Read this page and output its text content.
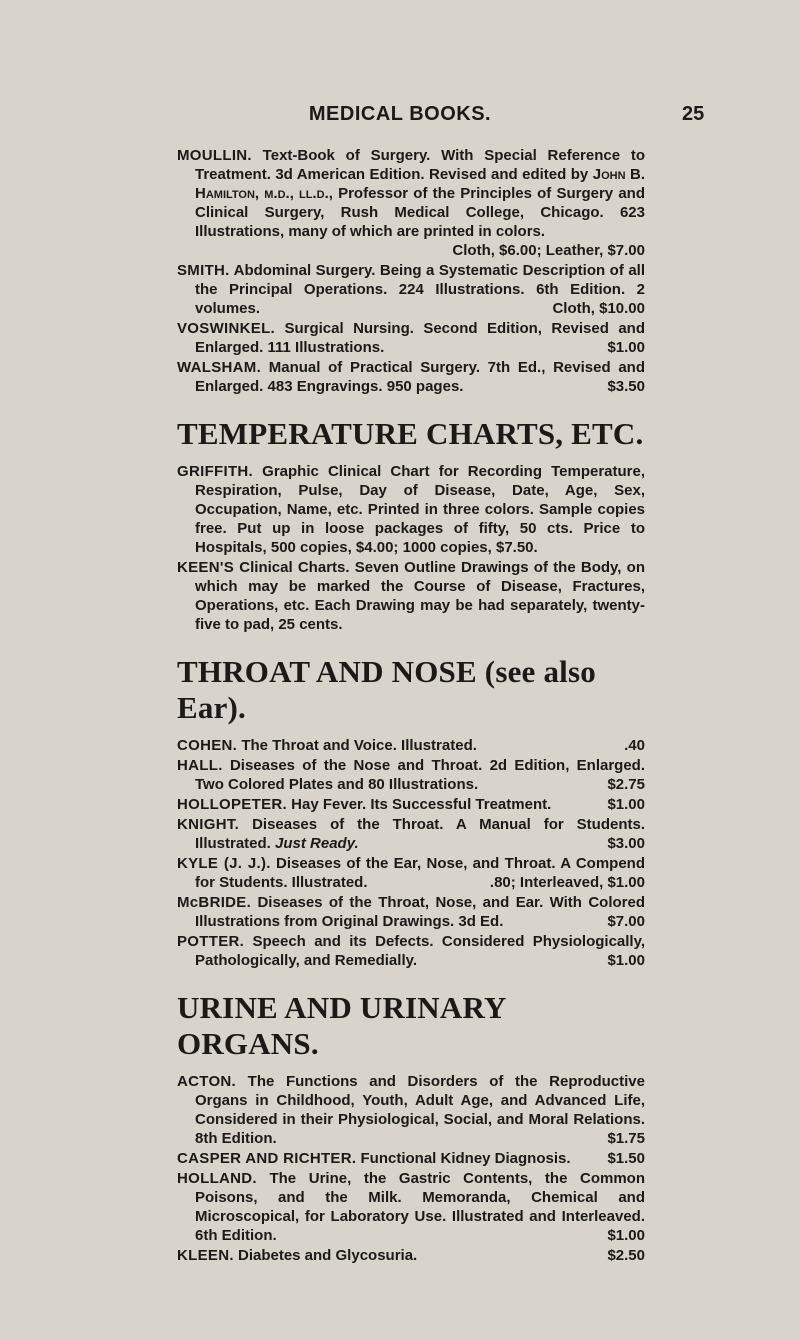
MEDICAL BOOKS.	25
MOULLIN. Text-Book of Surgery. With Special Reference to Treatment. 3d American Edition. Revised and edited by John B. Hamilton, m.d., ll.d., Professor of the Principles of Surgery and Clinical Surgery, Rush Medical College, Chicago. 623 Illustrations, many of which are printed in colors.
Cloth, $6.00; Leather, $7.00
SMITH. Abdominal Surgery. Being a Systematic Description of all the Principal Operations. 224 Illustrations. 6th Edition. 2 volumes.	Cloth, $10.00
VOSWINKEL. Surgical Nursing. Second Edition, Revised and Enlarged. 111 Illustrations.	$1.00
WALSHAM. Manual of Practical Surgery. 7th Ed., Revised and Enlarged. 483 Engravings. 950 pages.	$3.50
TEMPERATURE CHARTS, ETC.
GRIFFITH. Graphic Clinical Chart for Recording Temperature, Respiration, Pulse, Day of Disease, Date, Age, Sex, Occupation, Name, etc. Printed in three colors. Sample copies free. Put up in loose packages of fifty, 50 cts. Price to Hospitals, 500 copies, $4.00; 1000 copies, $7.50.
KEEN'S Clinical Charts. Seven Outline Drawings of the Body, on which may be marked the Course of Disease, Fractures, Operations, etc. Each Drawing may be had separately, twenty-five to pad, 25 cents.
THROAT AND NOSE (see also Ear).
COHEN. The Throat and Voice. Illustrated.	.40
HALL. Diseases of the Nose and Throat. 2d Edition, Enlarged. Two Colored Plates and 80 Illustrations.	$2.75
HOLLOPETER. Hay Fever. Its Successful Treatment.	$1.00
KNIGHT. Diseases of the Throat. A Manual for Students. Illustrated. Just Ready.	$3.00
KYLE (J. J.). Diseases of the Ear, Nose, and Throat. A Compend for Students. Illustrated.	.80; Interleaved, $1.00
McBRIDE. Diseases of the Throat, Nose, and Ear. With Colored Illustrations from Original Drawings. 3d Ed.	$7.00
POTTER. Speech and its Defects. Considered Physiologically, Pathologically, and Remedially.	$1.00
URINE AND URINARY ORGANS.
ACTON. The Functions and Disorders of the Reproductive Organs in Childhood, Youth, Adult Age, and Advanced Life, Considered in their Physiological, Social, and Moral Relations. 8th Edition.	$1.75
CASPER AND RICHTER. Functional Kidney Diagnosis. $1.50
HOLLAND. The Urine, the Gastric Contents, the Common Poisons, and the Milk. Memoranda, Chemical and Microscopical, for Laboratory Use. Illustrated and Interleaved. 6th Edition.	$1.00
KLEEN. Diabetes and Glycosuria.	$2.50
